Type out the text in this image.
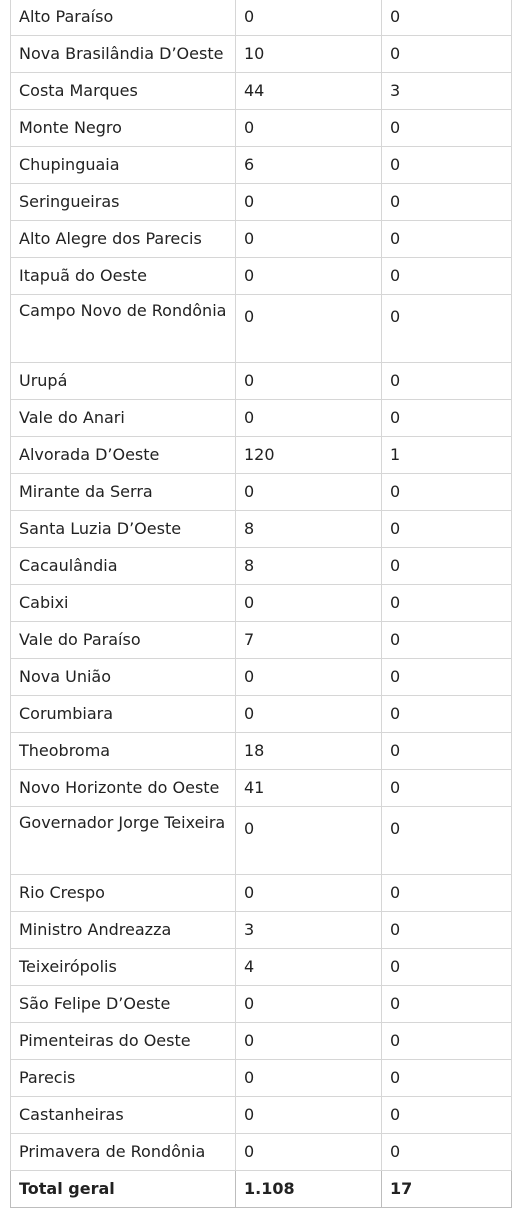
Alto Paraíso	0	0
Nova Brasilândia D’Oeste	10	0
Costa Marques	44	3
Monte Negro	0	0
Chupinguaia	6	0
Seringueiras	0	0
Alto Alegre dos Parecis	0	0
Itapuã do Oeste	0	0
Campo Novo de Rondônia	0	0
Urupá	0	0
Vale do Anari	0	0
Alvorada D’Oeste	120	1
Mirante da Serra	0	0
Santa Luzia D’Oeste	8	0
Cacaulândia	8	0
Cabixi	0	0
Vale do Paraíso	7	0
Nova União	0	0
Corumbiara	0	0
Theobroma	18	0
Novo Horizonte do Oeste	41	0
Governador Jorge Teixeira	0	0
Rio Crespo	0	0
Ministro Andreazza	3	0
Teixeirópolis	4	0
São Felipe D’Oeste	0	0
Pimenteiras do Oeste	0	0
Parecis	0	0
Castanheiras	0	0
Primavera de Rondônia	0	0
Total geral	1.108	17
